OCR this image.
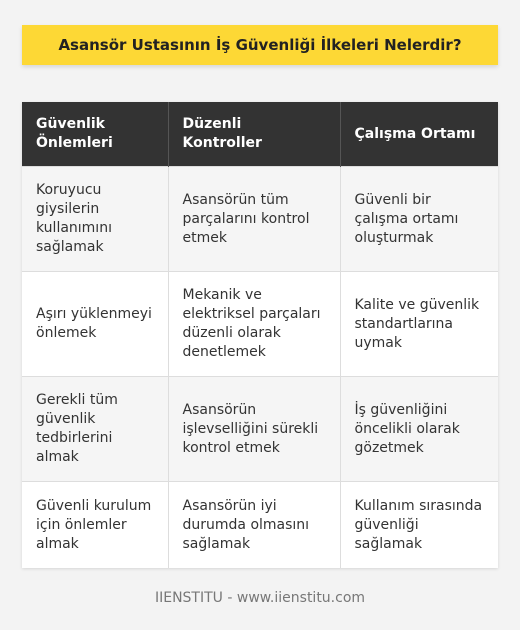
Asansör Ustasının İş Güvenliği İlkeleri Nelerdir?
Güvenlik Önlemleri	Düzenli Kontroller	Çalışma Ortamı
Koruyucu giysilerin kullanımını sağlamak	Asansörün tüm parçalarını kontrol etmek	Güvenli bir çalışma ortamı oluşturmak
Aşırı yüklenmeyi önlemek	Mekanik ve elektriksel parçaları düzenli olarak denetlemek	Kalite ve güvenlik standartlarına uymak
Gerekli tüm güvenlik tedbirlerini almak	Asansörün işlevselliğini sürekli kontrol etmek	İş güvenliğini öncelikli olarak gözetmek
Güvenli kurulum için önlemler almak	Asansörün iyi durumda olmasını sağlamak	Kullanım sırasında güvenliği sağlamak
IIENSTITU - www.iienstitu.com
